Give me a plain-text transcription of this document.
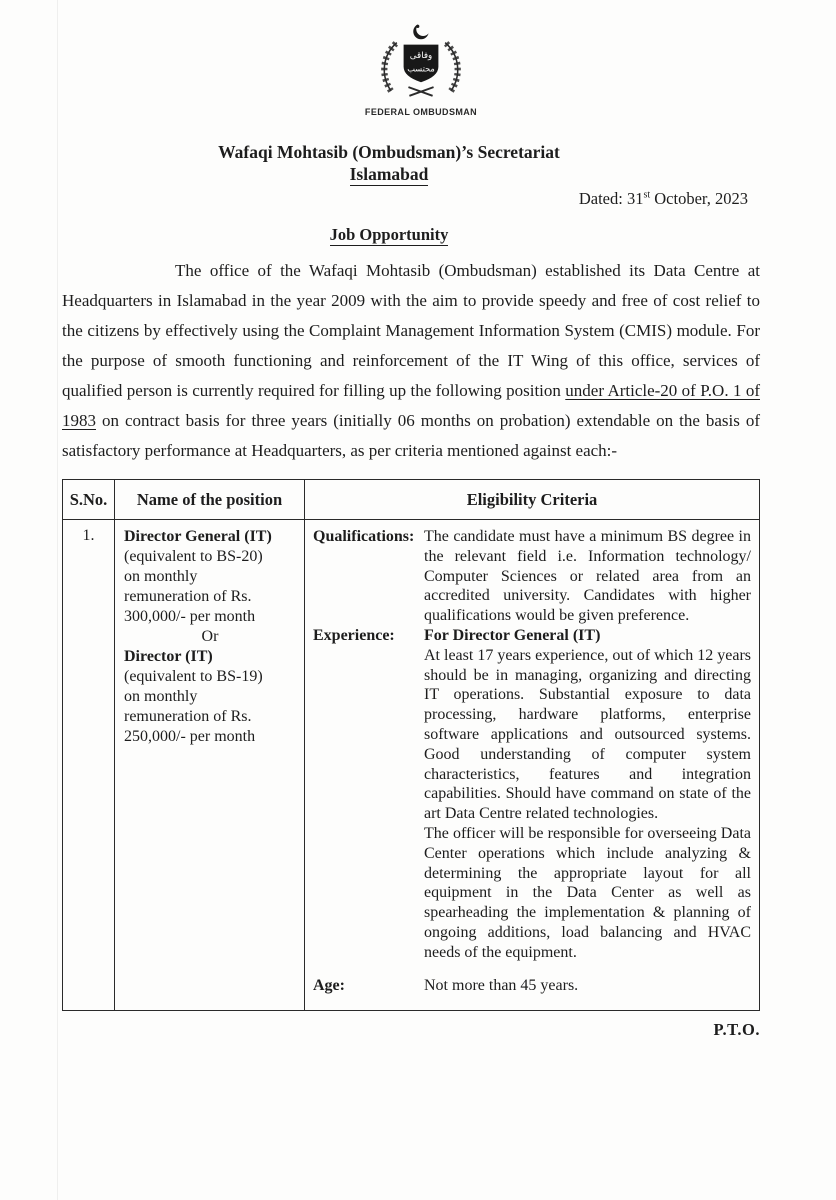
وفاقی
محتسب
FEDERAL OMBUDSMAN
Wafaqi Mohtasib (Ombudsman)’s Secretariat
Islamabad
Dated: 31st October, 2023
Job Opportunity

The office of the Wafaqi Mohtasib (Ombudsman) established its Data Centre at Headquarters in Islamabad in the year 2009 with the aim to provide speedy and free of cost relief to the citizens by effectively using the Complaint Management Information System (CMIS) module. For the purpose of smooth functioning and reinforcement of the IT Wing of this office, services of qualified person is currently required for filling up the following position under Article-20 of P.O. 1 of 1983 on contract basis for three years (initially 06 months on probation) extendable on the basis of satisfactory performance at Headquarters, as per criteria mentioned against each:-

S.No.	Name of the position	Eligibility Criteria
1.	Director General (IT)
(equivalent to BS-20)
on monthly
remuneration of Rs.
300,000/- per month
Or
Director (IT)
(equivalent to BS-19)
on monthly
remuneration of Rs.
250,000/- per month

Qualifications: The candidate must have a minimum BS degree in the relevant field i.e. Information technology/ Computer Sciences or related area from an accredited university. Candidates with higher qualifications would be given preference.
Experience:	For Director General (IT)
At least 17 years experience, out of which 12 years should be in managing, organizing and directing IT operations. Substantial exposure to data processing, hardware platforms, enterprise software applications and outsourced systems. Good understanding of computer system characteristics, features and integration capabilities. Should have command on state of the art Data Centre related technologies.
The officer will be responsible for overseeing Data Center operations which include analyzing & determining the appropriate layout for all equipment in the Data Center as well as spearheading the implementation & planning of ongoing additions, load balancing and HVAC needs of the equipment.
Age:	Not more than 45 years.
P.T.O.
